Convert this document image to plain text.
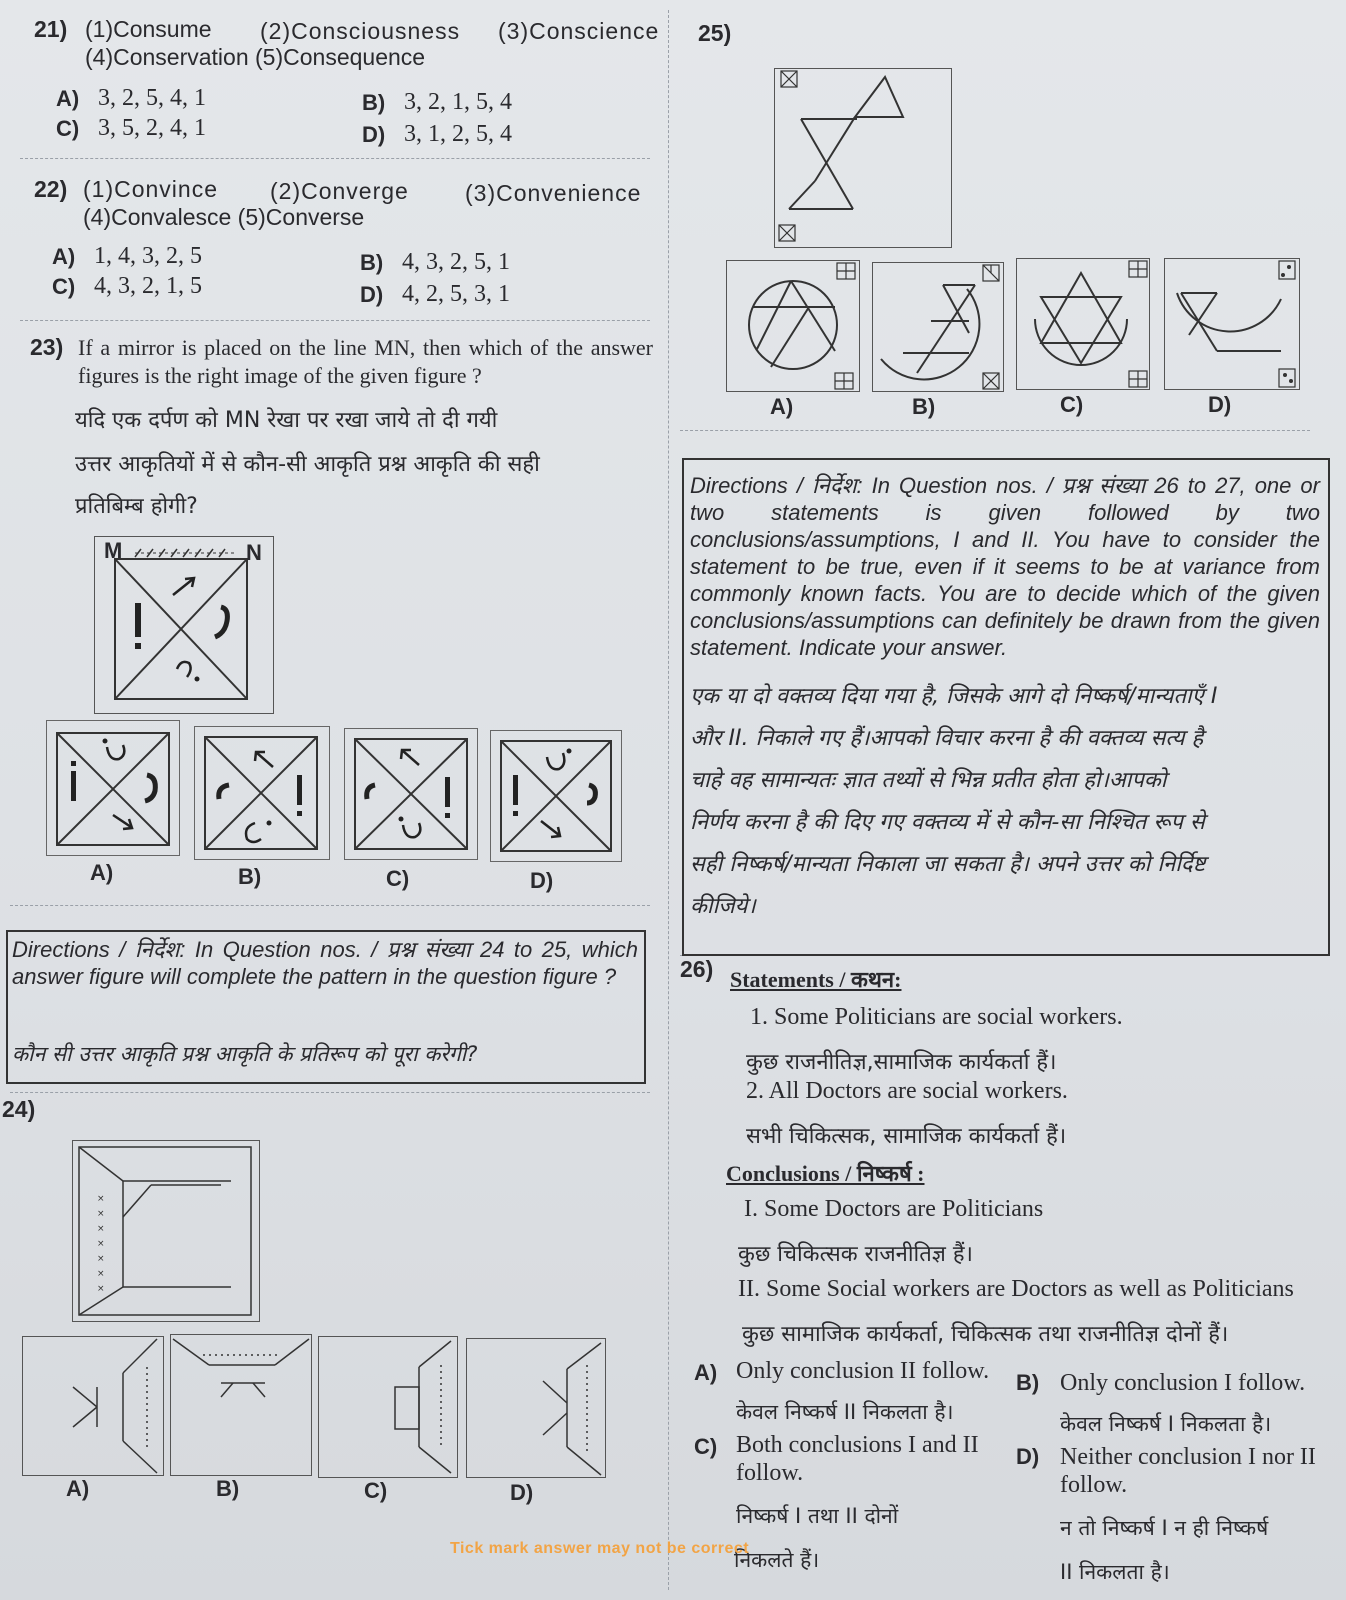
21) (1)Consume (2)Consciousness (3)Conscience
(4)Conservation (5)Consequence
A) 3, 2, 5, 4, 1	B) 3, 2, 1, 5, 4
C) 3, 5, 2, 4, 1	D) 3, 1, 2, 5, 4
22) (1)Convince (2)Converge (3)Convenience
(4)Convalesce (5)Converse
A) 1, 4, 3, 2, 5	B) 4, 3, 2, 5, 1
C) 4, 3, 2, 1, 5	D) 4, 2, 5, 3, 1
23) If a mirror is placed on the line MN, then which of the answer figures is the right image of the given figure ?
यदि एक दर्पण को MN रेखा पर रखा जाये तो दी गयी
उत्तर आकृतियों में से कौन-सी आकृति प्रश्न आकृति की सही
प्रतिबिम्ब होगी?
M	N
A)	B)	C)	D)
Directions / निर्देश: In Question nos. / प्रश्न संख्या 24 to 25, which answer figure will complete the pattern in the question figure ?
कौन सी उत्तर आकृति प्रश्न आकृति के प्रतिरूप को पूरा करेगी?
24)
×
×
×
×
×
×
×
A)	B)	C)	D)
25)
A)	B)	C)	D)
Directions / निर्देश: In Question nos. / प्रश्न संख्या 26 to 27, one or two statements is given followed by two conclusions/assumptions, I and II. You have to consider the statement to be true, even if it seems to be at variance from commonly known facts. You are to decide which of the given conclusions/assumptions can definitely be drawn from the given statement. Indicate your answer.
एक या दो वक्तव्य दिया गया है, जिसके आगे दो निष्कर्ष/मान्यताएँ I
और II. निकाले गए हैं।आपको विचार करना है की वक्तव्य सत्य है
चाहे वह सामान्यतः ज्ञात तथ्यों से भिन्न प्रतीत होता हो।आपको
निर्णय करना है की दिए गए वक्तव्य में से कौन-सा निश्चित रूप से
सही निष्कर्ष/मान्यता निकाला जा सकता है। अपने उत्तर को निर्दिष्ट
कीजिये।
26) Statements / कथन:
1. Some Politicians are social workers.
कुछ राजनीतिज्ञ,सामाजिक कार्यकर्ता हैं।
2. All Doctors are social workers.
सभी चिकित्सक, सामाजिक कार्यकर्ता हैं।
Conclusions / निष्कर्ष :
I. Some Doctors are Politicians
कुछ चिकित्सक राजनीतिज्ञ हैं।
II. Some Social workers are Doctors as well as Politicians
कुछ सामाजिक कार्यकर्ता, चिकित्सक तथा राजनीतिज्ञ दोनों हैं।
A) Only conclusion II follow.
केवल निष्कर्ष II निकलता है।
B) Only conclusion I follow.
केवल निष्कर्ष I निकलता है।
C) Both conclusions I and II
follow.
निष्कर्ष I तथा II दोनों
निकलते हैं।
D) Neither conclusion I nor II
follow.
न तो निष्कर्ष I न ही निष्कर्ष
II निकलता है।
Tick mark answer may not be correct
